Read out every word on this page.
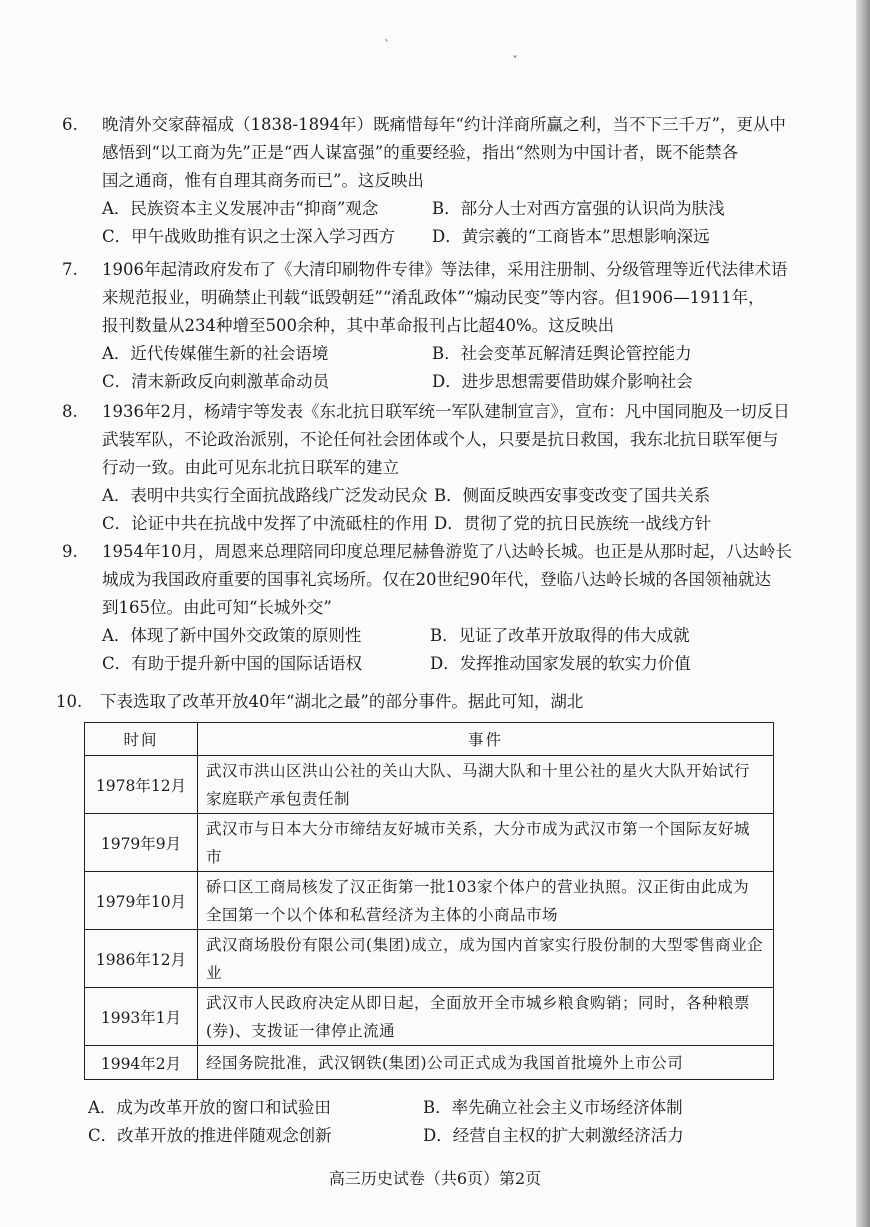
ˋ
ˇ
6.	晚清外交家薛福成（1838-1894年）既痛惜每年“约计洋商所赢之利，当不下三千万”，更从中
感悟到“以工商为先”正是“西人谋富强”的重要经验，指出“然则为中国计者，既不能禁各
国之通商，惟有自理其商务而已”。这反映出
A．民族资本主义发展冲击“抑商”观念	B．部分人士对西方富强的认识尚为肤浅
C．甲午战败助推有识之士深入学习西方 D．黄宗羲的“工商皆本”思想影响深远
7.	1906年起清政府发布了《大清印刷物件专律》等法律，采用注册制、分级管理等近代法律术语
来规范报业，明确禁止刊载“诋毁朝廷”“淆乱政体”“煽动民变”等内容。但1906—1911年，
报刊数量从234种增至500余种，其中革命报刊占比超40%。这反映出
A．近代传媒催生新的社会语境	B．社会变革瓦解清廷舆论管控能力
C．清末新政反向刺激革命动员	D．进步思想需要借助媒介影响社会
8.	1936年2月，杨靖宇等发表《东北抗日联军统一军队建制宣言》，宣布：凡中国同胞及一切反日
武装军队，不论政治派别，不论任何社会团体或个人，只要是抗日救国，我东北抗日联军便与
行动一致。由此可见东北抗日联军的建立
A．表明中共实行全面抗战路线广泛发动民众 B．侧面反映西安事变改变了国共关系
C．论证中共在抗战中发挥了中流砥柱的作用 D．贯彻了党的抗日民族统一战线方针
9.	1954年10月，周恩来总理陪同印度总理尼赫鲁游览了八达岭长城。也正是从那时起，八达岭长
城成为我国政府重要的国事礼宾场所。仅在20世纪90年代，登临八达岭长城的各国领袖就达
到165位。由此可知“长城外交”
A．体现了新中国外交政策的原则性	B．见证了改革开放取得的伟大成就
C．有助于提升新中国的国际话语权	D．发挥推动国家发展的软实力价值
10.	下表选取了改革开放40年“湖北之最”的部分事件。据此可知，湖北
时间	事件
1978年12月	武汉市洪山区洪山公社的关山大队、马湖大队和十里公社的星火大队开始试行家庭联产承包责任制
1979年9月	武汉市与日本大分市缔结友好城市关系，大分市成为武汉市第一个国际友好城市
1979年10月	硚口区工商局核发了汉正街第一批103家个体户的营业执照。汉正街由此成为全国第一个以个体和私营经济为主体的小商品市场
1986年12月	武汉商场股份有限公司(集团)成立，成为国内首家实行股份制的大型零售商业企业
1993年1月	武汉市人民政府决定从即日起，全面放开全市城乡粮食购销；同时，各种粮票(券)、支拨证一律停止流通
1994年2月	经国务院批准，武汉钢铁(集团)公司正式成为我国首批境外上市公司
A．成为改革开放的窗口和试验田	B．率先确立社会主义市场经济体制
C．改革开放的推进伴随观念创新	D．经营自主权的扩大刺激经济活力
高三历史试卷（共6页）第2页
